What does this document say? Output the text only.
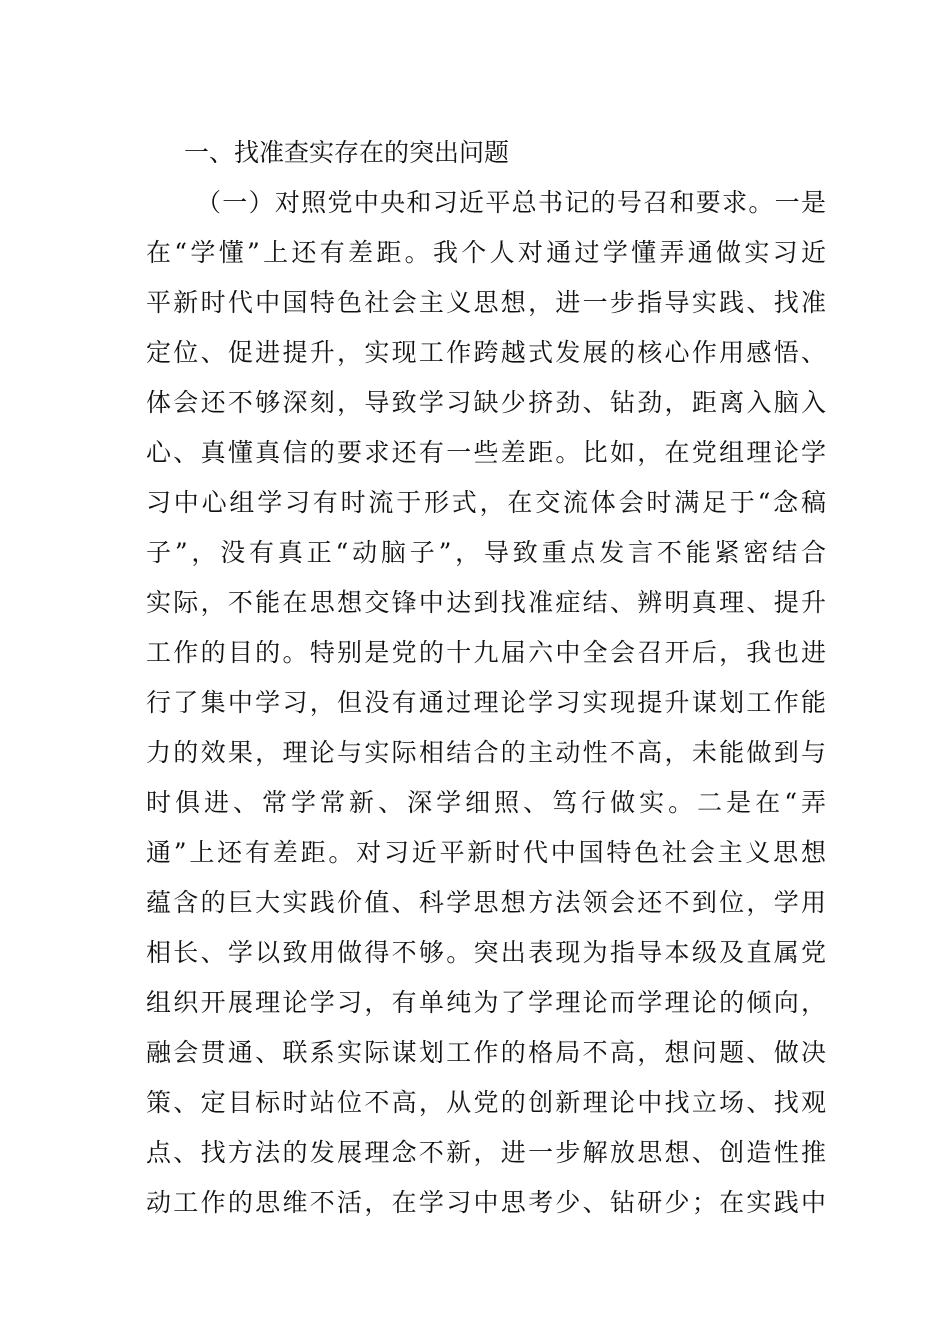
一、找准查实存在的突出问题
（一）对照党中央和习近平总书记的号召和要求。一是
在“学懂”上还有差距。我个人对通过学懂弄通做实习近
平新时代中国特色社会主义思想，进一步指导实践、找准
定位、促进提升，实现工作跨越式发展的核心作用感悟、
体会还不够深刻，导致学习缺少挤劲、钻劲，距离入脑入
心、真懂真信的要求还有一些差距。比如，在党组理论学
习中心组学习有时流于形式，在交流体会时满足于“念稿
子”，没有真正“动脑子”，导致重点发言不能紧密结合
实际，不能在思想交锋中达到找准症结、辨明真理、提升
工作的目的。特别是党的十九届六中全会召开后，我也进
行了集中学习，但没有通过理论学习实现提升谋划工作能
力的效果，理论与实际相结合的主动性不高，未能做到与
时俱进、常学常新、深学细照、笃行做实。二是在“弄
通”上还有差距。对习近平新时代中国特色社会主义思想
蕴含的巨大实践价值、科学思想方法领会还不到位，学用
相长、学以致用做得不够。突出表现为指导本级及直属党
组织开展理论学习，有单纯为了学理论而学理论的倾向，
融会贯通、联系实际谋划工作的格局不高，想问题、做决
策、定目标时站位不高，从党的创新理论中找立场、找观
点、找方法的发展理念不新，进一步解放思想、创造性推
动工作的思维不活，在学习中思考少、钻研少；在实践中
